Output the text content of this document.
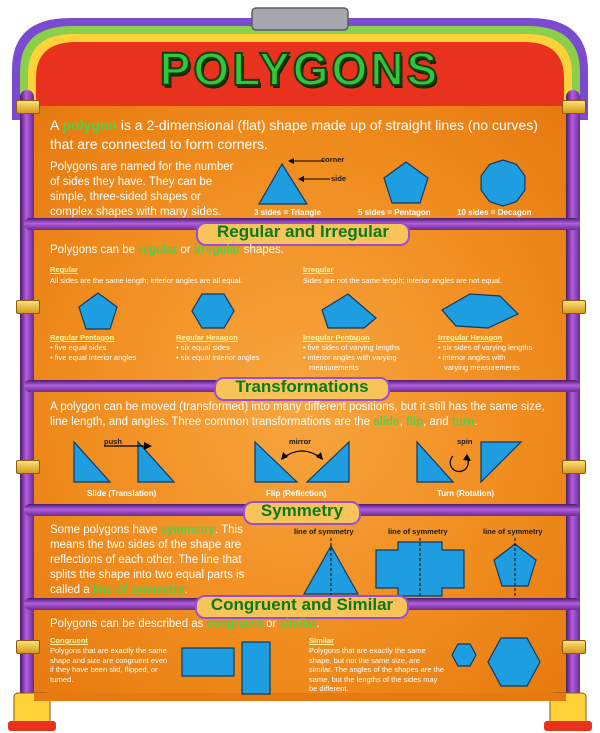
POLYGONS
A polygon is a 2-dimensional (flat) shape made up of straight lines (no curves) that are connected to form corners.
Polygons are named for the number of sides they have. They can be simple, three-sided shapes or complex shapes with many sides.
corner
side
3 sides = Triangle	5 sides = Pentagon	10 sides = Decagon
Regular and Irregular
Polygons can be regular or irregular shapes.
Regular
All sides are the same length; interior angles are all equal.
Irregular
Sides are not the same length; interior angles are not equal.
Regular Pentagon
• five equal sides
• five equal interior angles
Regular Hexagon
• six equal sides
• six equal interior angles
Irregular Pentagon
• five sides of varying lengths
• interior angles with varying
measurements
Irregular Hexagon
• six sides of varying lengths
• interior angles with
varying measurements
Transformations
A polygon can be moved (transformed) into many different positions, but it still has the same size, line length, and angles. Three common transformations are the slide, flip, and turn.
push	mirror	spin
Slide (Translation)	Flip (Reflection)	Turn (Rotation)
Symmetry
Some polygons have symmetry. This means the two sides of the shape are reflections of each other. The line that splits the shape into two equal parts is called a line of symmetry.
line of symmetry	line of symmetry	line of symmetry
Congruent and Similar
Polygons can be described as congruent or similar.
Congruent
Polygons that are exactly the same shape and size are congruent even if they have been slid, flipped, or turned.
Similar
Polygons that are exactly the same shape, but not the same size, are similar. The angles of the shapes are the same, but the lengths of the sides may be different.
